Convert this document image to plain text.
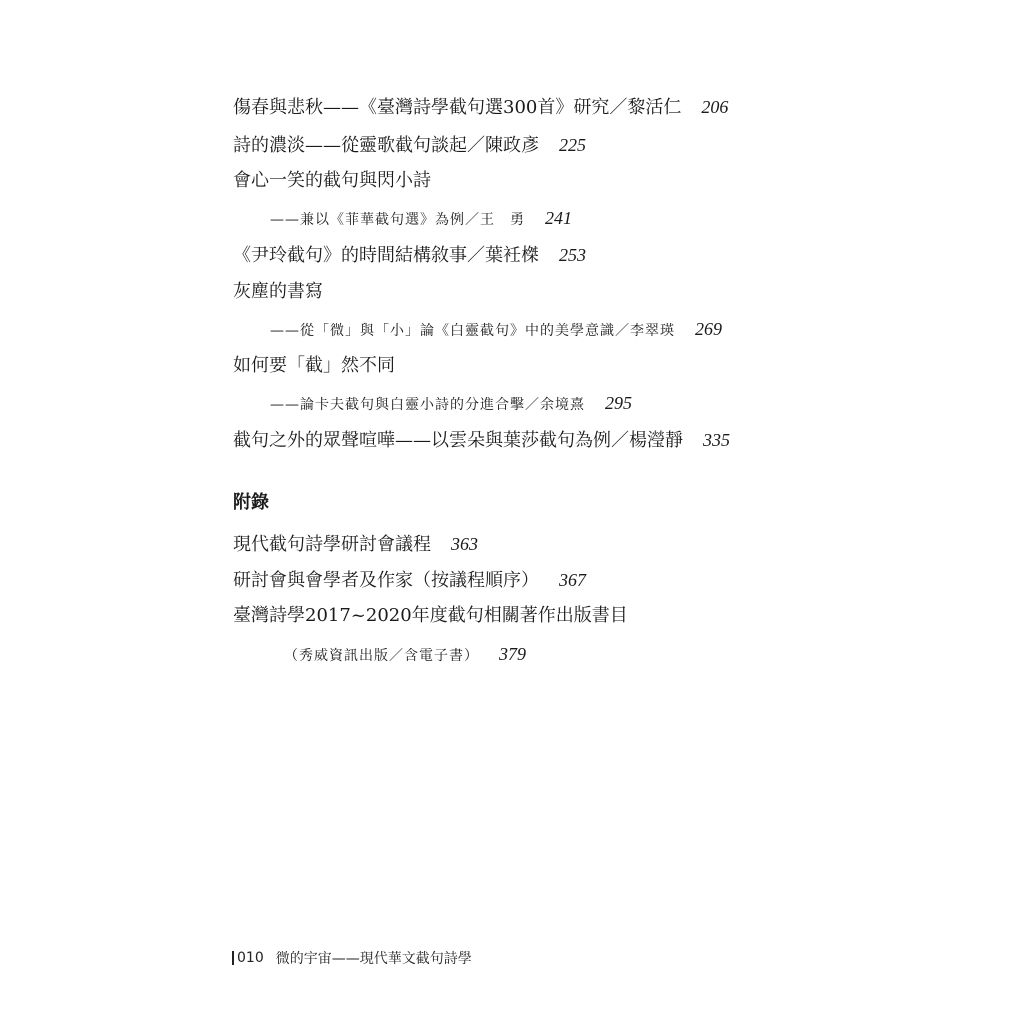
傷春與悲秋——《臺灣詩學截句選300首》研究／黎活仁 206
詩的濃淡——從靈歌截句談起／陳政彥 225
會心一笑的截句與閃小詩
——兼以《菲華截句選》為例／王　勇 241
《尹玲截句》的時間結構敘事／葉衽榤 253
灰塵的書寫
——從「微」與「小」論《白靈截句》中的美學意識／李翠瑛 269
如何要「截」然不同
——論卡夫截句與白靈小詩的分進合擊／余境熹 295
截句之外的眾聲喧嘩——以雲朵與葉莎截句為例／楊瀅靜 335
附錄
現代截句詩學研討會議程 363
研討會與會學者及作家（按議程順序） 367
臺灣詩學2017~2020年度截句相關著作出版書目
（秀威資訊出版／含電子書） 379
010 微的宇宙——現代華文截句詩學
